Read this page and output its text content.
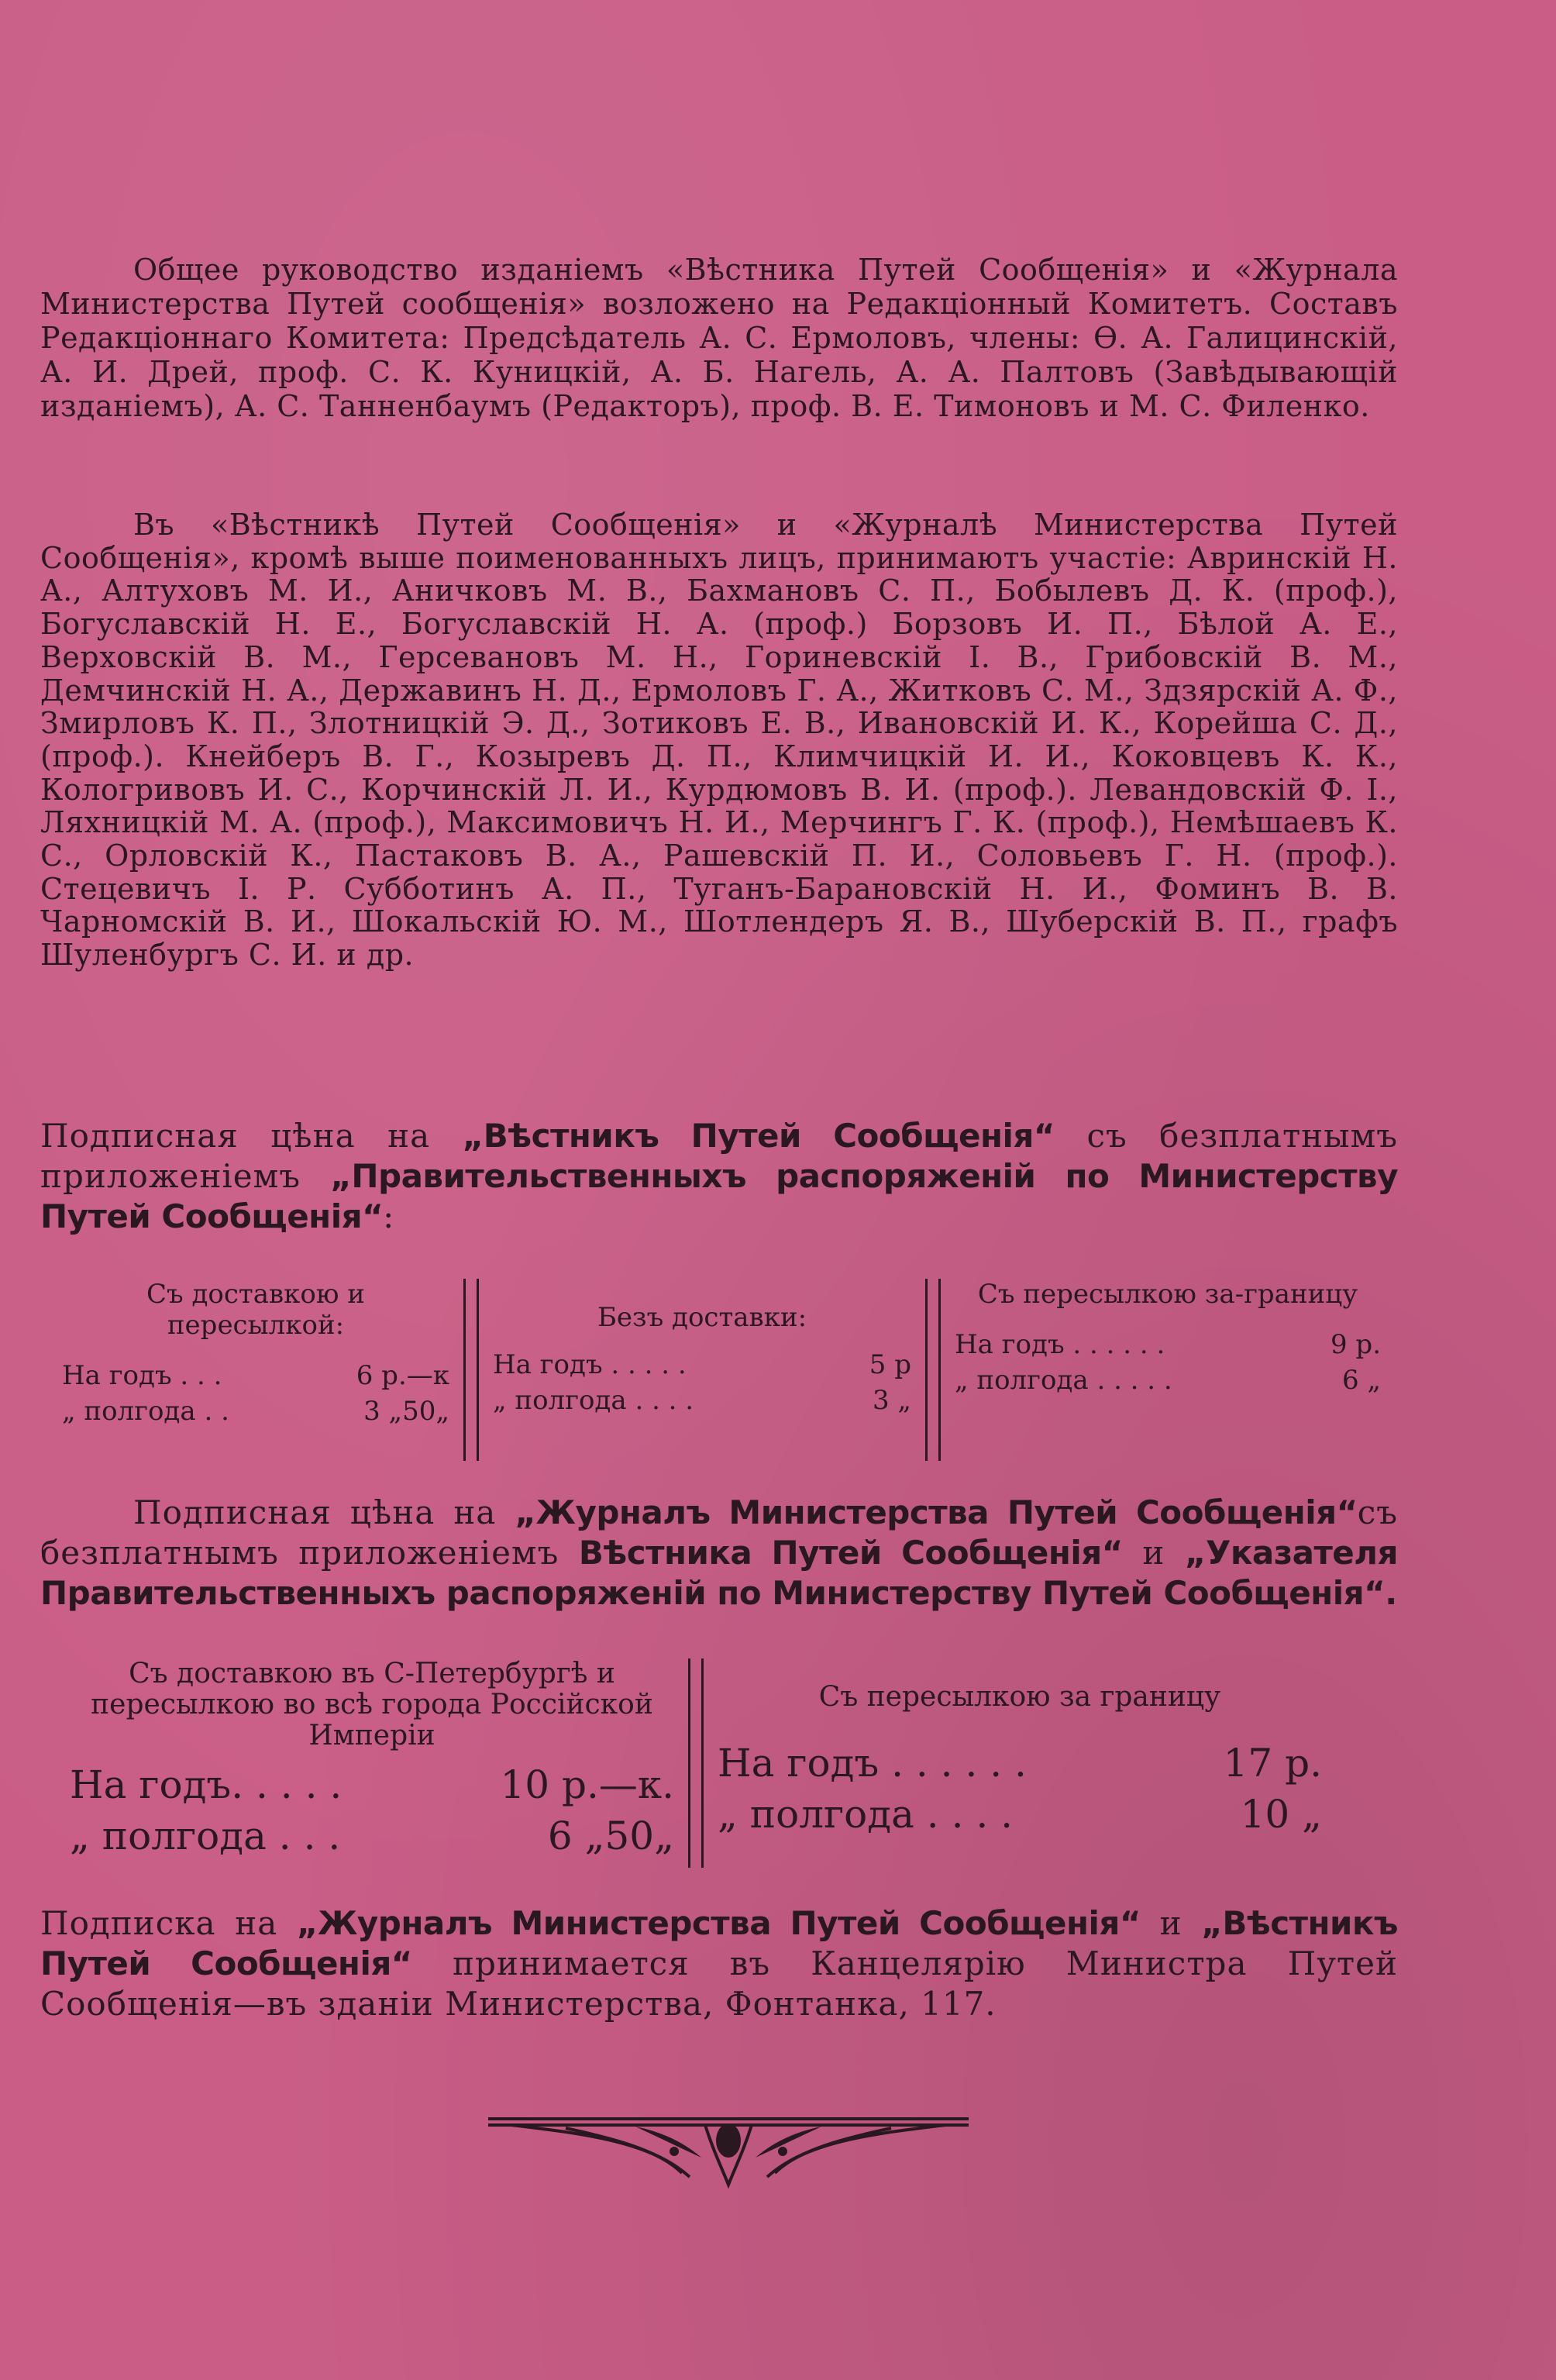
Общее руководство изданіемъ «Вѣстника Путей Сообщенія» и «Журнала Министерства Путей сообщенія» возложено на Редакціонный Комитетъ. Составъ Редакціоннаго Комитета: Предсѣдатель А. С. Ермоловъ, члены: Ѳ. А. Галицинскій, А. И. Дрей, проф. С. К. Куницкій, А. Б. Нагель, А. А. Палтовъ (Завѣдывающій изданіемъ), А. С. Танненбаумъ (Редакторъ), проф. В. Е. Тимоновъ и М. С. Филенко.

Въ «Вѣстникѣ Путей Сообщенія» и «Журналѣ Министерства Путей Сообщенія», кромѣ выше поименованныхъ лицъ, принимаютъ участіе: Авринскій Н. А., Алтуховъ М. И., Аничковъ М. В., Бахмановъ С. П., Бобылевъ Д. К. (проф.), Богуславскій Н. Е., Богуславскій Н. А. (проф.) Борзовъ И. П., Бѣлой А. Е., Верховскій В. М., Герсевановъ М. Н., Гориневскій І. В., Грибовскій В. М., Демчинскій Н. А., Державинъ Н. Д., Ермоловъ Г. А., Житковъ С. М., Здзярскій А. Ф., Змирловъ К. П., Злотницкій Э. Д., Зотиковъ Е. В., Ивановскій И. К., Корейша С. Д., (проф.). Кнейберъ В. Г., Козыревъ Д. П., Климчицкій И. И., Коковцевъ К. К., Кологривовъ И. С., Корчинскій Л. И., Курдюмовъ В. И. (проф.). Левандовскій Ф. І., Ляхницкій М. А. (проф.), Максимовичъ Н. И., Мерчингъ Г. К. (проф.), Немѣшаевъ К. С., Орловскій К., Пастаковъ В. А., Рашевскій П. И., Соловьевъ Г. Н. (проф.). Стецевичъ І. Р. Субботинъ А. П., Туганъ-Барановскій Н. И., Фоминъ В. В. Чарномскій В. И., Шокальскій Ю. М., Шотлендеръ Я. В., Шуберскій В. П., графъ Шуленбургъ С. И. и др.

Подписная цѣна на „Вѣстникъ Путей Сообщенія“ съ безплатнымъ приложеніемъ „Правительственныхъ распоряженій по Министерству Путей Сообщенія“:
Съ доставкою и пересылкой:
На годъ . . .	6 р.—к
„ полгода . .	3 „50„
Безъ доставки:
На годъ . . . . .	5 р
„ полгода . . . .	3 „
Съ пересылкою за-границу
На годъ . . . . . .	9 р.
„ полгода . . . . .	6 „
Подписная цѣна на „Журналъ Министерства Путей Сообщенія“съ безплатнымъ приложеніемъ Вѣстника Путей Сообщенія“ и „Указателя Правительственныхъ распоряженій по Министерству Путей Сообщенія“.
Съ доставкою въ С-Петербургѣ и пересылкою во всѣ города Россійской Имперіи
На годъ. . . . .	10 р.—к.
„ полгода . . .	6 „50„
Съ пересылкою за границу
На годъ . . . . . .	17 р.
„ полгода . . . .	10 „
Подписка на „Журналъ Министерства Путей Сообщенія“ и „Вѣстникъ Путей Сообщенія“ принимается въ Канцелярію Министра Путей Сообщенія—въ зданіи Министерства, Фонтанка, 117.
